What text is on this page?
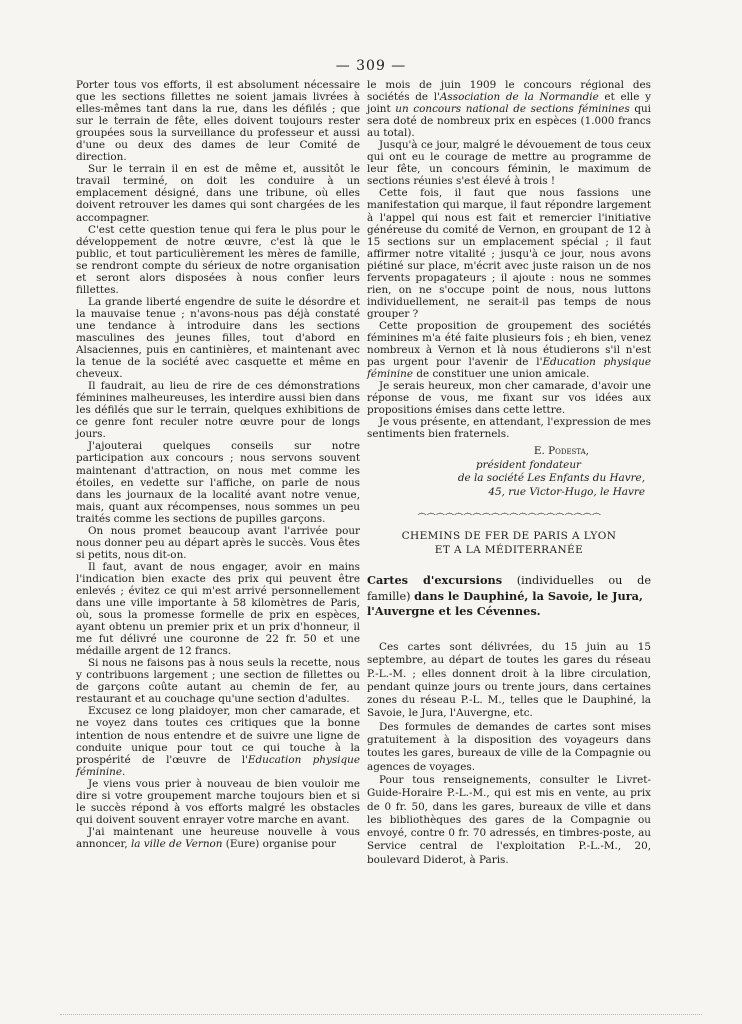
— 309 —

Porter tous vos efforts, il est absolument nécessaire que les sections fillettes ne soient jamais livrées à elles-mêmes tant dans la rue, dans les défilés ; que sur le terrain de fête, elles doivent toujours rester groupées sous la surveillance du professeur et aussi d'une ou deux des dames de leur Comité de direction.

Sur le terrain il en est de même et, aussitôt le travail terminé, on doit les conduire à un emplacement désigné, dans une tribune, où elles doivent retrouver les dames qui sont chargées de les accompagner.

C'est cette question tenue qui fera le plus pour le développement de notre œuvre, c'est là que le public, et tout particulièrement les mères de famille, se rendront compte du sérieux de notre organisation et seront alors disposées à nous confier leurs fillettes.

La grande liberté engendre de suite le désordre et la mauvaise tenue ; n'avons-nous pas déjà constaté une tendance à introduire dans les sections masculines des jeunes filles, tout d'abord en Alsaciennes, puis en cantinières, et maintenant avec la tenue de la société avec casquette et même en cheveux.

Il faudrait, au lieu de rire de ces démonstrations féminines malheureuses, les interdire aussi bien dans les défilés que sur le terrain, quelques exhibitions de ce genre font reculer notre œuvre pour de longs jours.

J'ajouterai quelques conseils sur notre participation aux concours ; nous servons souvent maintenant d'attraction, on nous met comme les étoiles, en vedette sur l'affiche, on parle de nous dans les journaux de la localité avant notre venue, mais, quant aux récompenses, nous sommes un peu traités comme les sections de pupilles garçons.

On nous promet beaucoup avant l'arrivée pour nous donner peu au départ après le succès. Vous êtes si petits, nous dit-on.

Il faut, avant de nous engager, avoir en mains l'indication bien exacte des prix qui peuvent être enlevés ; évitez ce qui m'est arrivé personnellement dans une ville importante à 58 kilomètres de Paris, où, sous la promesse formelle de prix en espèces, ayant obtenu un premier prix et un prix d'honneur, il me fut délivré une couronne de 22 fr. 50 et une médaille argent de 12 francs.

Si nous ne faisons pas à nous seuls la recette, nous y contribuons largement ; une section de fillettes ou de garçons coûte autant au chemin de fer, au restaurant et au couchage qu'une section d'adultes.

Excusez ce long plaidoyer, mon cher camarade, et ne voyez dans toutes ces critiques que la bonne intention de nous entendre et de suivre une ligne de conduite unique pour tout ce qui touche à la prospérité de l'œuvre de l'Education physique féminine.

Je viens vous prier à nouveau de bien vouloir me dire si votre groupement marche toujours bien et si le succès répond à vos efforts malgré les obstacles qui doivent souvent enrayer votre marche en avant.

J'ai maintenant une heureuse nouvelle à vous annoncer, la ville de Vernon (Eure) organise pour

le mois de juin 1909 le concours régional des sociétés de l'Association de la Normandie et elle y joint un concours national de sections féminines qui sera doté de nombreux prix en espèces (1.000 francs au total).

Jusqu'à ce jour, malgré le dévouement de tous ceux qui ont eu le courage de mettre au programme de leur fête, un concours féminin, le maximum de sections réunies s'est élevé à trois !

Cette fois, il faut que nous fassions une manifestation qui marque, il faut répondre largement à l'appel qui nous est fait et remercier l'initiative généreuse du comité de Vernon, en groupant de 12 à 15 sections sur un emplacement spécial ; il faut affirmer notre vitalité ; jusqu'à ce jour, nous avons piétiné sur place, m'écrit avec juste raison un de nos fervents propagateurs ; il ajoute : nous ne sommes rien, on ne s'occupe point de nous, nous luttons individuellement, ne serait-il pas temps de nous grouper ?

Cette proposition de groupement des sociétés féminines m'a été faite plusieurs fois ; eh bien, venez nombreux à Vernon et là nous étudierons s'il n'est pas urgent pour l'avenir de l'Education physique féminine de constituer une union amicale.

Je serais heureux, mon cher camarade, d'avoir une réponse de vous, me fixant sur vos idées aux propositions émises dans cette lettre.

Je vous présente, en attendant, l'expression de mes sentiments bien fraternels.

E. Podesta,
président fondateur
de la société Les Enfants du Havre,
45, rue Victor-Hugo, le Havre
෴෴෴෴෴෴෴෴෴෴෴෴෴෴෴෴෴෴෴෴
CHEMINS DE FER DE PARIS A LYON
ET A LA MÉDITERRANÉE
Cartes d'excursions (individuelles ou de famille) dans le Dauphiné, la Savoie, le Jura,
l'Auvergne et les Cévennes.

Ces cartes sont délivrées, du 15 juin au 15 septembre, au départ de toutes les gares du réseau P.-L.-M. ; elles donnent droit à la libre circulation, pendant quinze jours ou trente jours, dans certaines zones du réseau P.-L. M., telles que le Dauphiné, la Savoie, le Jura, l'Auvergne, etc.

Des formules de demandes de cartes sont mises gratuitement à la disposition des voyageurs dans toutes les gares, bureaux de ville de la Compagnie ou agences de voyages.

Pour tous renseignements, consulter le Livret-Guide-Horaire P.-L.-M., qui est mis en vente, au prix de 0 fr. 50, dans les gares, bureaux de ville et dans les bibliothèques des gares de la Compagnie ou envoyé, contre 0 fr. 70 adressés, en timbres-poste, au Service central de l'exploitation P.-L.-M., 20, boulevard Diderot, à Paris.
